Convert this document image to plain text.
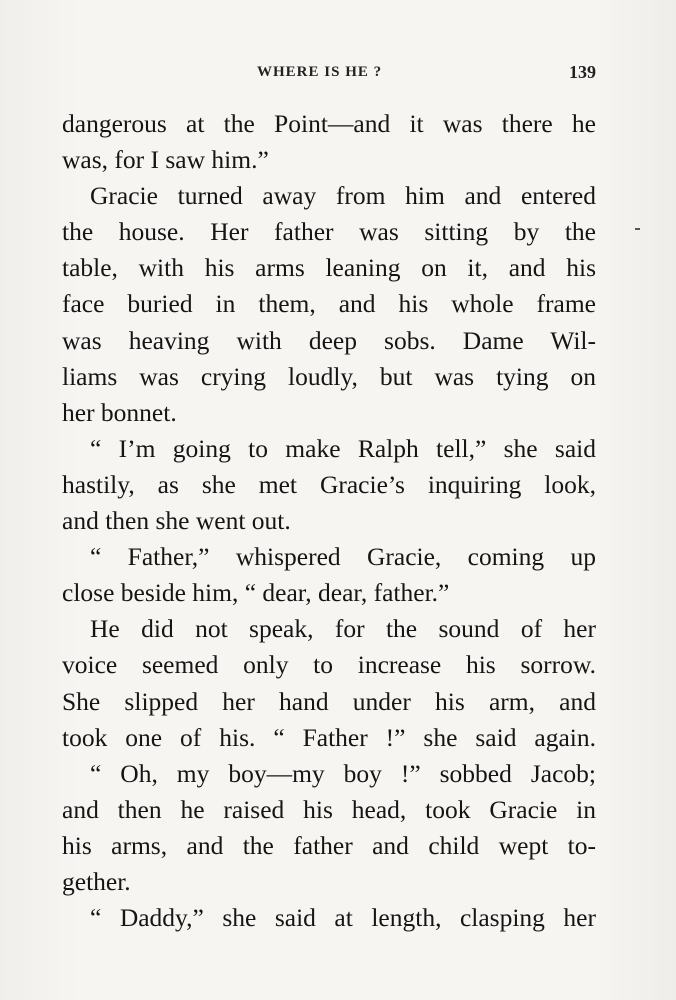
WHERE IS HE ?	139
dangerous at the Point—and it was there he
was, for I saw him.”
Gracie turned away from him and entered
the house. Her father was sitting by the
table, with his arms leaning on it, and his
face buried in them, and his whole frame
was heaving with deep sobs. Dame Wil-
liams was crying loudly, but was tying on
her bonnet.
“ I’m going to make Ralph tell,” she said
hastily, as she met Gracie’s inquiring look,
and then she went out.
“ Father,” whispered Gracie, coming up
close beside him, “ dear, dear, father.”
He did not speak, for the sound of her
voice seemed only to increase his sorrow.
She slipped her hand under his arm, and
took one of his. “ Father !” she said again.
“ Oh, my boy—my boy !” sobbed Jacob;
and then he raised his head, took Gracie in
his arms, and the father and child wept to-
gether.
“ Daddy,” she said at length, clasping her
